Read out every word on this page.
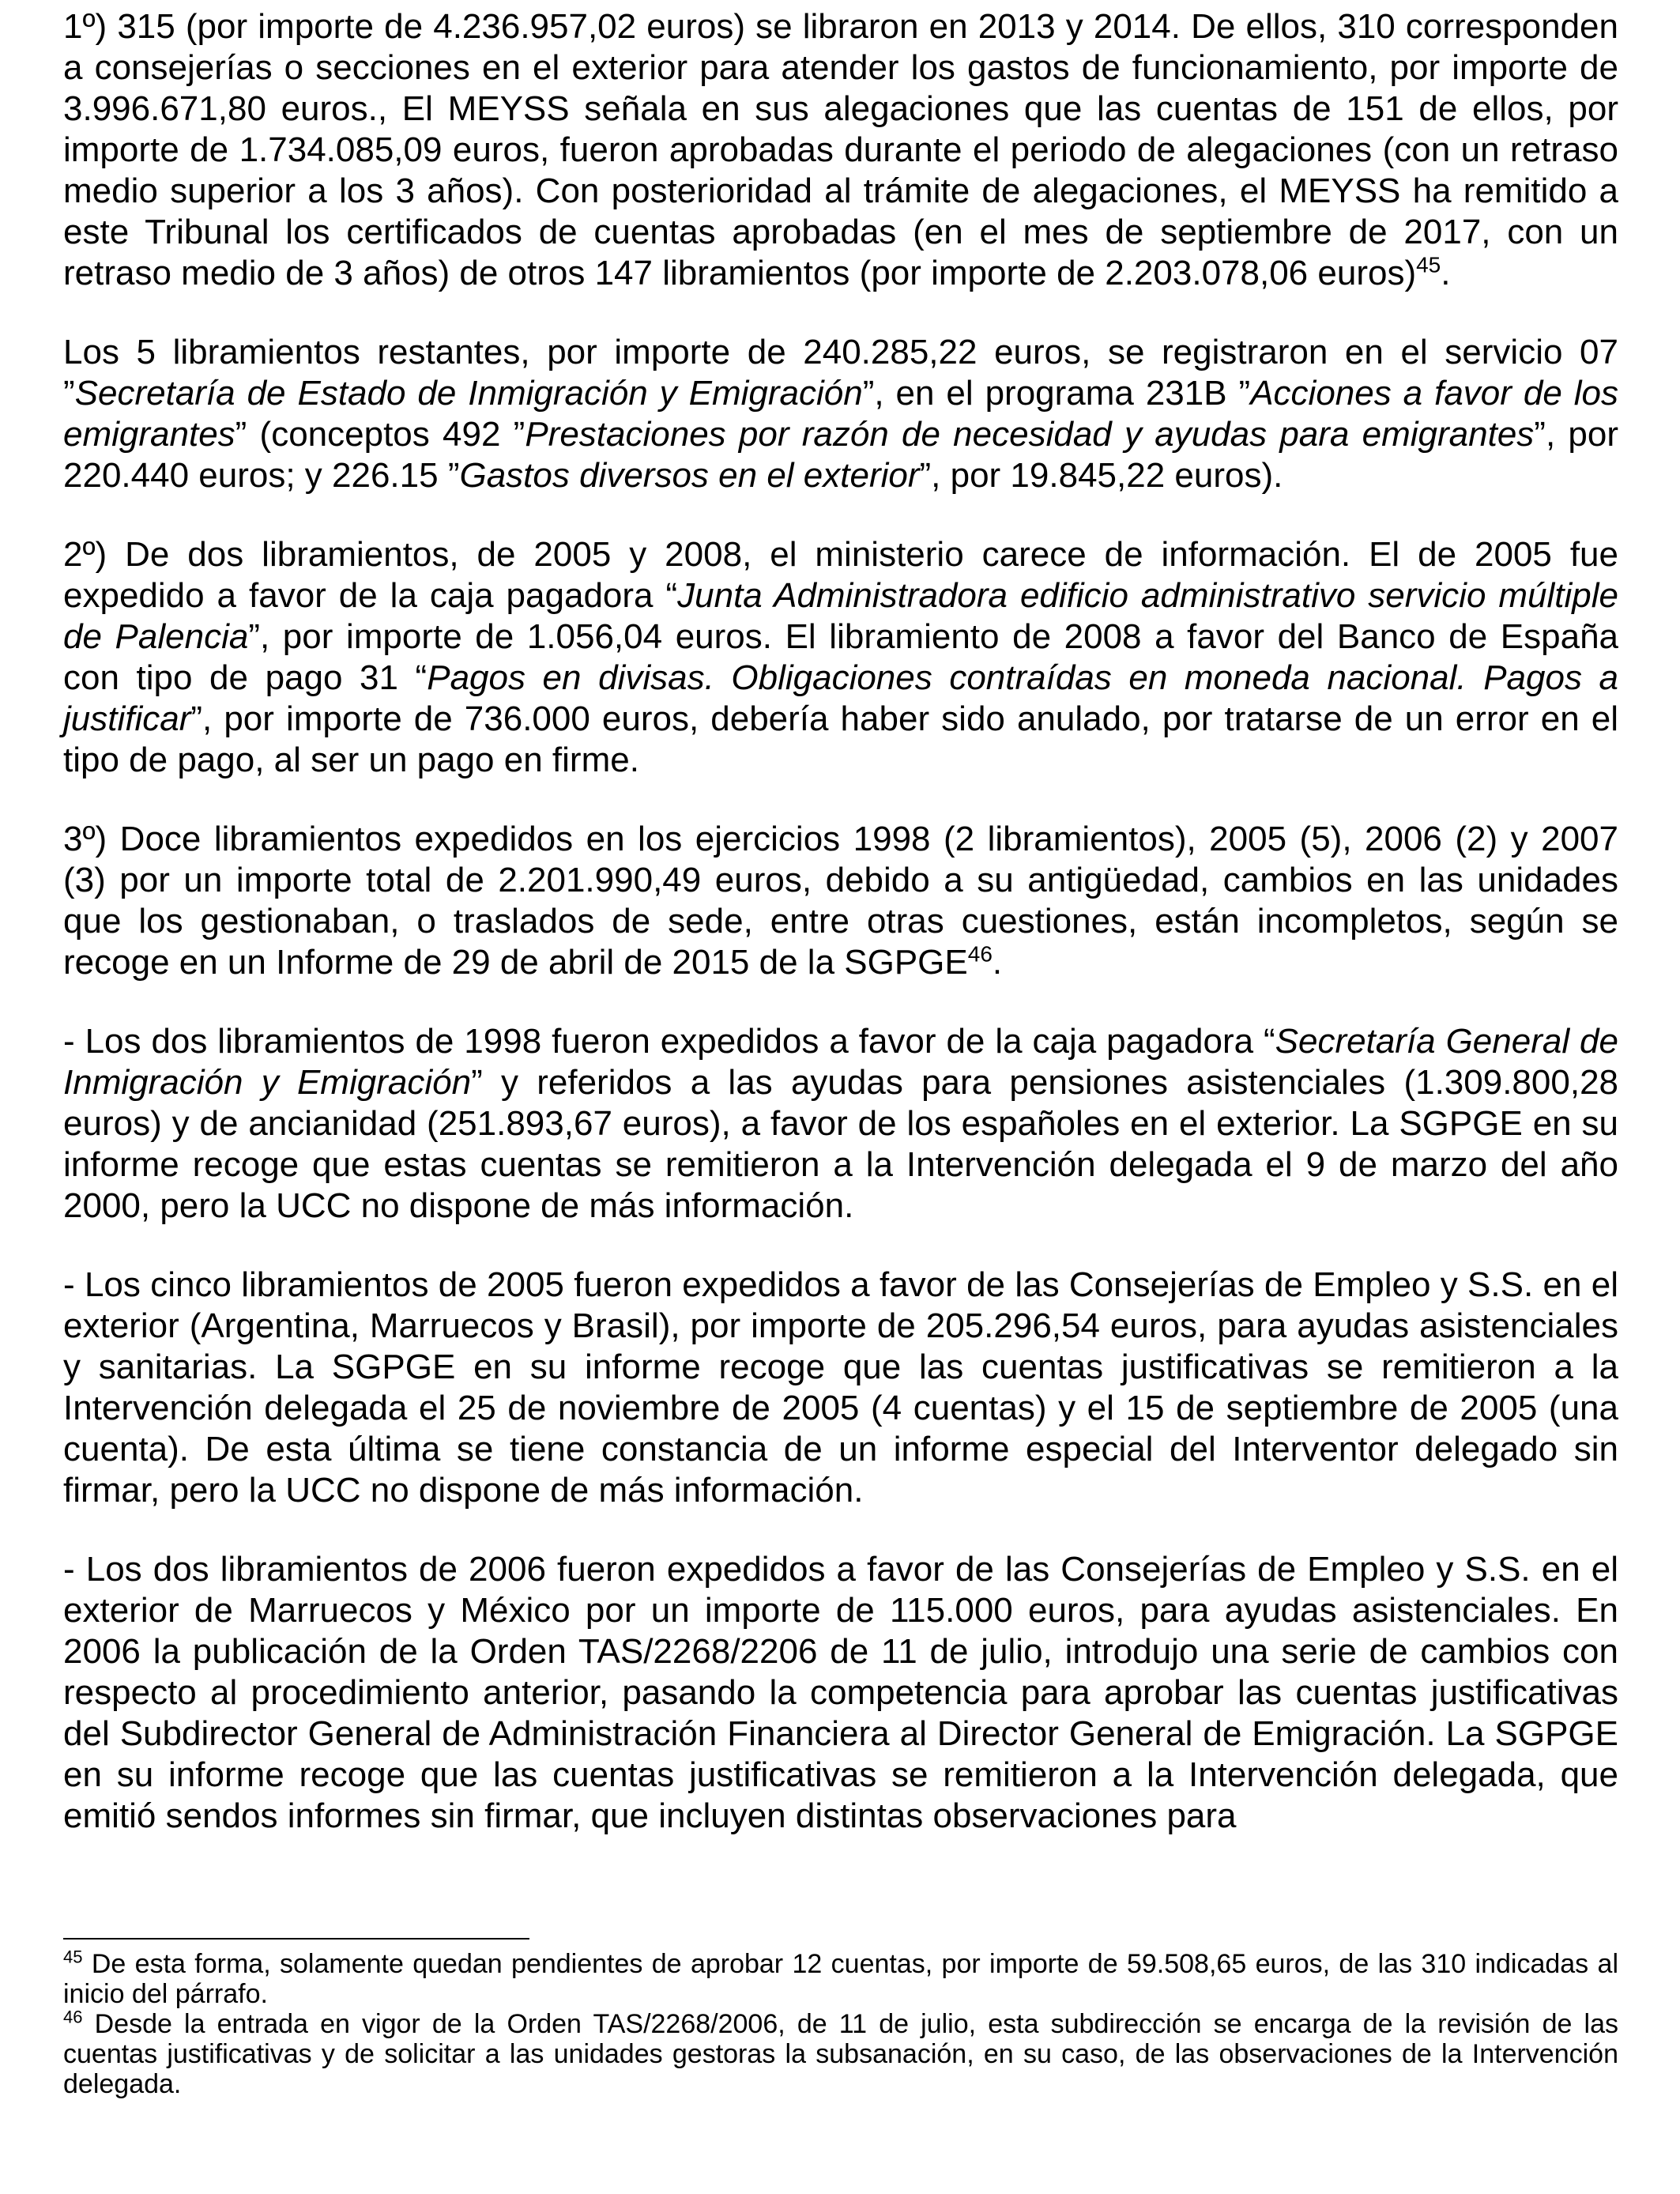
1º) 315 (por importe de 4.236.957,02 euros) se libraron en 2013 y 2014. De ellos, 310 corresponden a consejerías o secciones en el exterior para atender los gastos de funcionamiento, por importe de 3.996.671,80 euros., El MEYSS señala en sus alegaciones que las cuentas de 151 de ellos, por importe de 1.734.085,09 euros, fueron aprobadas durante el periodo de alegaciones (con un retraso medio superior a los 3 años). Con posterioridad al trámite de alegaciones, el MEYSS ha remitido a este Tribunal los certificados de cuentas aprobadas (en el mes de septiembre de 2017, con un retraso medio de 3 años) de otros 147 libramientos (por importe de 2.203.078,06 euros)$^{45}$.

Los 5 libramientos restantes, por importe de 240.285,22 euros, se registraron en el servicio 07 ”Secretaría de Estado de Inmigración y Emigración”, en el programa 231B ”Acciones a favor de los emigrantes” (conceptos 492 ”Prestaciones por razón de necesidad y ayudas para emigrantes”, por 220.440 euros; y 226.15 ”Gastos diversos en el exterior”, por 19.845,22 euros).

2º) De dos libramientos, de 2005 y 2008, el ministerio carece de información. El de 2005 fue expedido a favor de la caja pagadora “Junta Administradora edificio administrativo servicio múltiple de Palencia”, por importe de 1.056,04 euros. El libramiento de 2008 a favor del Banco de España con tipo de pago 31 “Pagos en divisas. Obligaciones contraídas en moneda nacional. Pagos a justificar”, por importe de 736.000 euros, debería haber sido anulado, por tratarse de un error en el tipo de pago, al ser un pago en firme.

3º) Doce libramientos expedidos en los ejercicios 1998 (2 libramientos), 2005 (5), 2006 (2) y 2007 (3) por un importe total de 2.201.990,49 euros, debido a su antigüedad, cambios en las unidades que los gestionaban, o traslados de sede, entre otras cuestiones, están incompletos, según se recoge en un Informe de 29 de abril de 2015 de la SGPGE$^{46}$.

- Los dos libramientos de 1998 fueron expedidos a favor de la caja pagadora “Secretaría General de Inmigración y Emigración” y referidos a las ayudas para pensiones asistenciales (1.309.800,28 euros) y de ancianidad (251.893,67 euros), a favor de los españoles en el exterior. La SGPGE en su informe recoge que estas cuentas se remitieron a la Intervención delegada el 9 de marzo del año 2000, pero la UCC no dispone de más información.

- Los cinco libramientos de 2005 fueron expedidos a favor de las Consejerías de Empleo y S.S. en el exterior (Argentina, Marruecos y Brasil), por importe de 205.296,54 euros, para ayudas asistenciales y sanitarias. La SGPGE en su informe recoge que las cuentas justificativas se remitieron a la Intervención delegada el 25 de noviembre de 2005 (4 cuentas) y el 15 de septiembre de 2005 (una cuenta). De esta última se tiene constancia de un informe especial del Interventor delegado sin firmar, pero la UCC no dispone de más información.

- Los dos libramientos de 2006 fueron expedidos a favor de las Consejerías de Empleo y S.S. en el exterior de Marruecos y México por un importe de 115.000 euros, para ayudas asistenciales. En 2006 la publicación de la Orden TAS/2268/2206 de 11 de julio, introdujo una serie de cambios con respecto al procedimiento anterior, pasando la competencia para aprobar las cuentas justificativas del Subdirector General de Administración Financiera al Director General de Emigración. La SGPGE en su informe recoge que las cuentas justificativas se remitieron a la Intervención delegada, que emitió sendos informes sin firmar, que incluyen distintas observaciones para

$^{45}$ De esta forma, solamente quedan pendientes de aprobar 12 cuentas, por importe de 59.508,65 euros, de las 310 indicadas al inicio del párrafo.

$^{46}$ Desde la entrada en vigor de la Orden TAS/2268/2006, de 11 de julio, esta subdirección se encarga de la revisión de las cuentas justificativas y de solicitar a las unidades gestoras la subsanación, en su caso, de las observaciones de la Intervención delegada.
